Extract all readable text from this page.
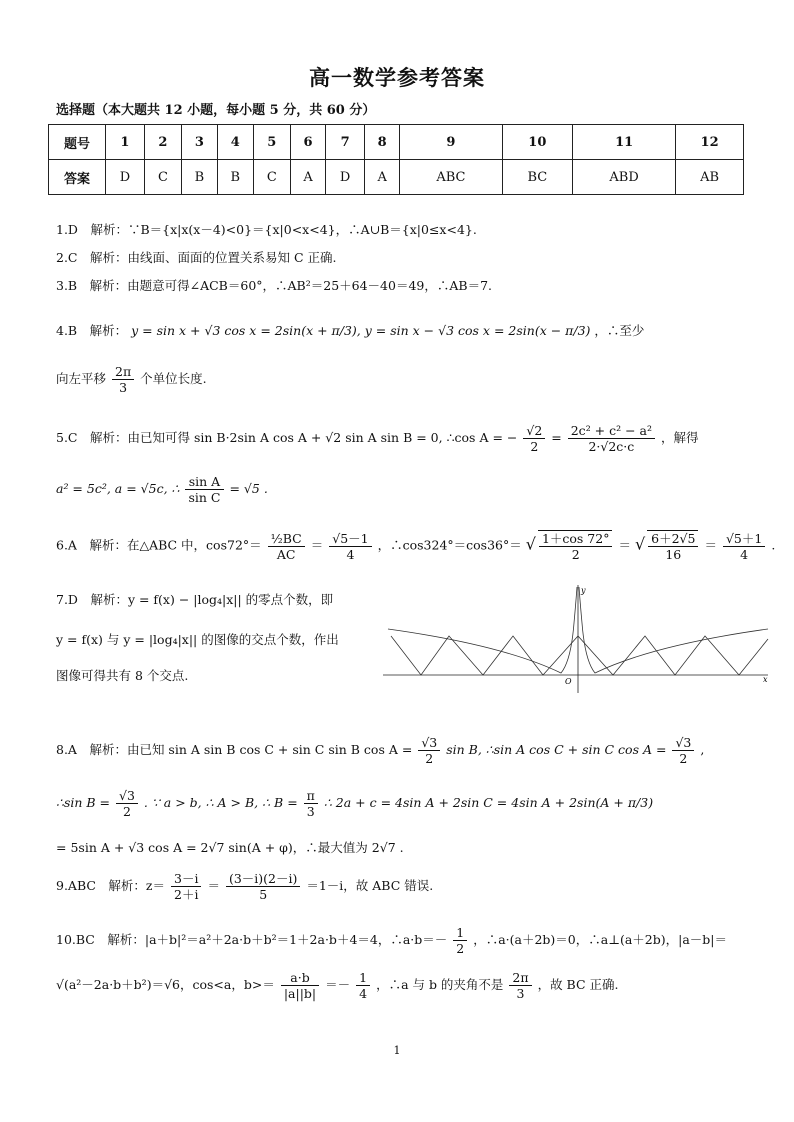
高一数学参考答案
选择题（本大题共 12 小题，每小题 5 分，共 60 分）
题号	1	2	3	4	5	6	7	8	9	10	11	12
答案	D	C	B	B	C	A	D	A	ABC	BC	ABD	AB
1.D　解析：∵B＝{x|x(x－4)<0}＝{x|0<x<4}，∴A∪B＝{x|0≤x<4}.
2.C　解析：由线面、面面的位置关系易知 C 正确.
3.B　解析：由题意可得∠ACB＝60°，∴AB²＝25＋64－40＝49，∴AB＝7.
4.B　解析： y = sin x + √3 cos x = 2sin(x + π/3), y = sin x − √3 cos x = 2sin(x − π/3) ，∴至少
向左平移 $\frac{2\pi}{3}$ 个单位长度.
5.C　解析：由已知可得 sin B·2sin A cos A + √2 sin A sin B = 0, ∴cos A = − $\frac{√2}{2} = \frac{\text{2c² + c² − a²}}{2\cdot√2c\cdot c}$ ，解得
a² = 5c², a = √5c, ∴ $\frac{\text{sin A}}{\text{sin C}} = √5$ .
6.A　解析：在△ABC 中，$\cos 72^\circ= \frac{\text{½BC}}{AC} = \frac{√5-1}{4}$ ，∴cos324°＝cos36°＝ √ $\frac{1+\cos 72^\circ}{2}$ ＝ √ $\frac{6+2√5}{16} = \frac{√5+1}{4}$ .
7.D　解析：y = f(x) − |log₄|x|| 的零点个数，即
y = f(x) 与 y = |log₄|x|| 的图像的交点个数，作出
图像可得共有 8 个交点.	x
y
O
8.A　解析：由已知 sin A sin B cos C + sin C sin B $\cos A = \frac{√3}{2}$ sin B, ∴sin A cos C + sin C $\cos A = \frac{√3}{2}$ ,
∴sin $B = \frac{√3}{2}$ . ∵ a > b, ∴ A > B, ∴ $B = \frac{\pi}{3}$ ∴ 2a + c = 4sin A + 2sin C = 4sin A + 2sin(A + π/3)
= 5sin A + √3 cos A = 2√7 sin(A + φ)，∴最大值为 2√7 .
9.ABC　解析：$z= \frac{3-i}{2+i} = \frac{(3-i)(2-i)}{5} =1-i$，故 ABC 错误.
10.BC　解析：|a＋b|²＝a²＋2a·b＋b²＝1＋2a·b＋4＝4，∴a·b＝－ $\frac{1}{2}$ ，∴a·(a＋2b)＝0，∴a⊥(a＋2b)，|a－b|＝
√(a²－2a·b＋b²)＝√6，cos<a，$b>= \frac{a\cdot b}{|a||b|} =- \frac{1}{4}$ ，∴a 与 b 的夹角不是 $\frac{2\pi}{3}$ ，故 BC 正确.
1
